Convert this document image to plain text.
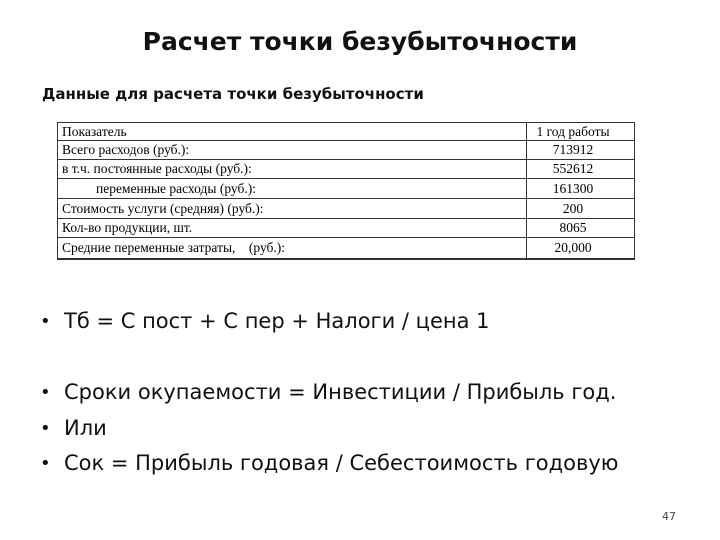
Расчет точки безубыточности
Данные для расчета точки безубыточности
Показатель	1 год работы
Всего расходов (руб.):	713912
в т.ч. постоянные расходы (руб.):	552612
переменные расходы (руб.):	161300
Стоимость услуги (средняя) (руб.):	200
Кол-во продукции, шт.	8065
Средние переменные затраты,    (руб.):	20,000
• Тб = С пост + С пер + Налоги / цена 1
• Сроки окупаемости = Инвестиции / Прибыль год.
• Или
• Сок = Прибыль годовая / Себестоимость годовую
47
